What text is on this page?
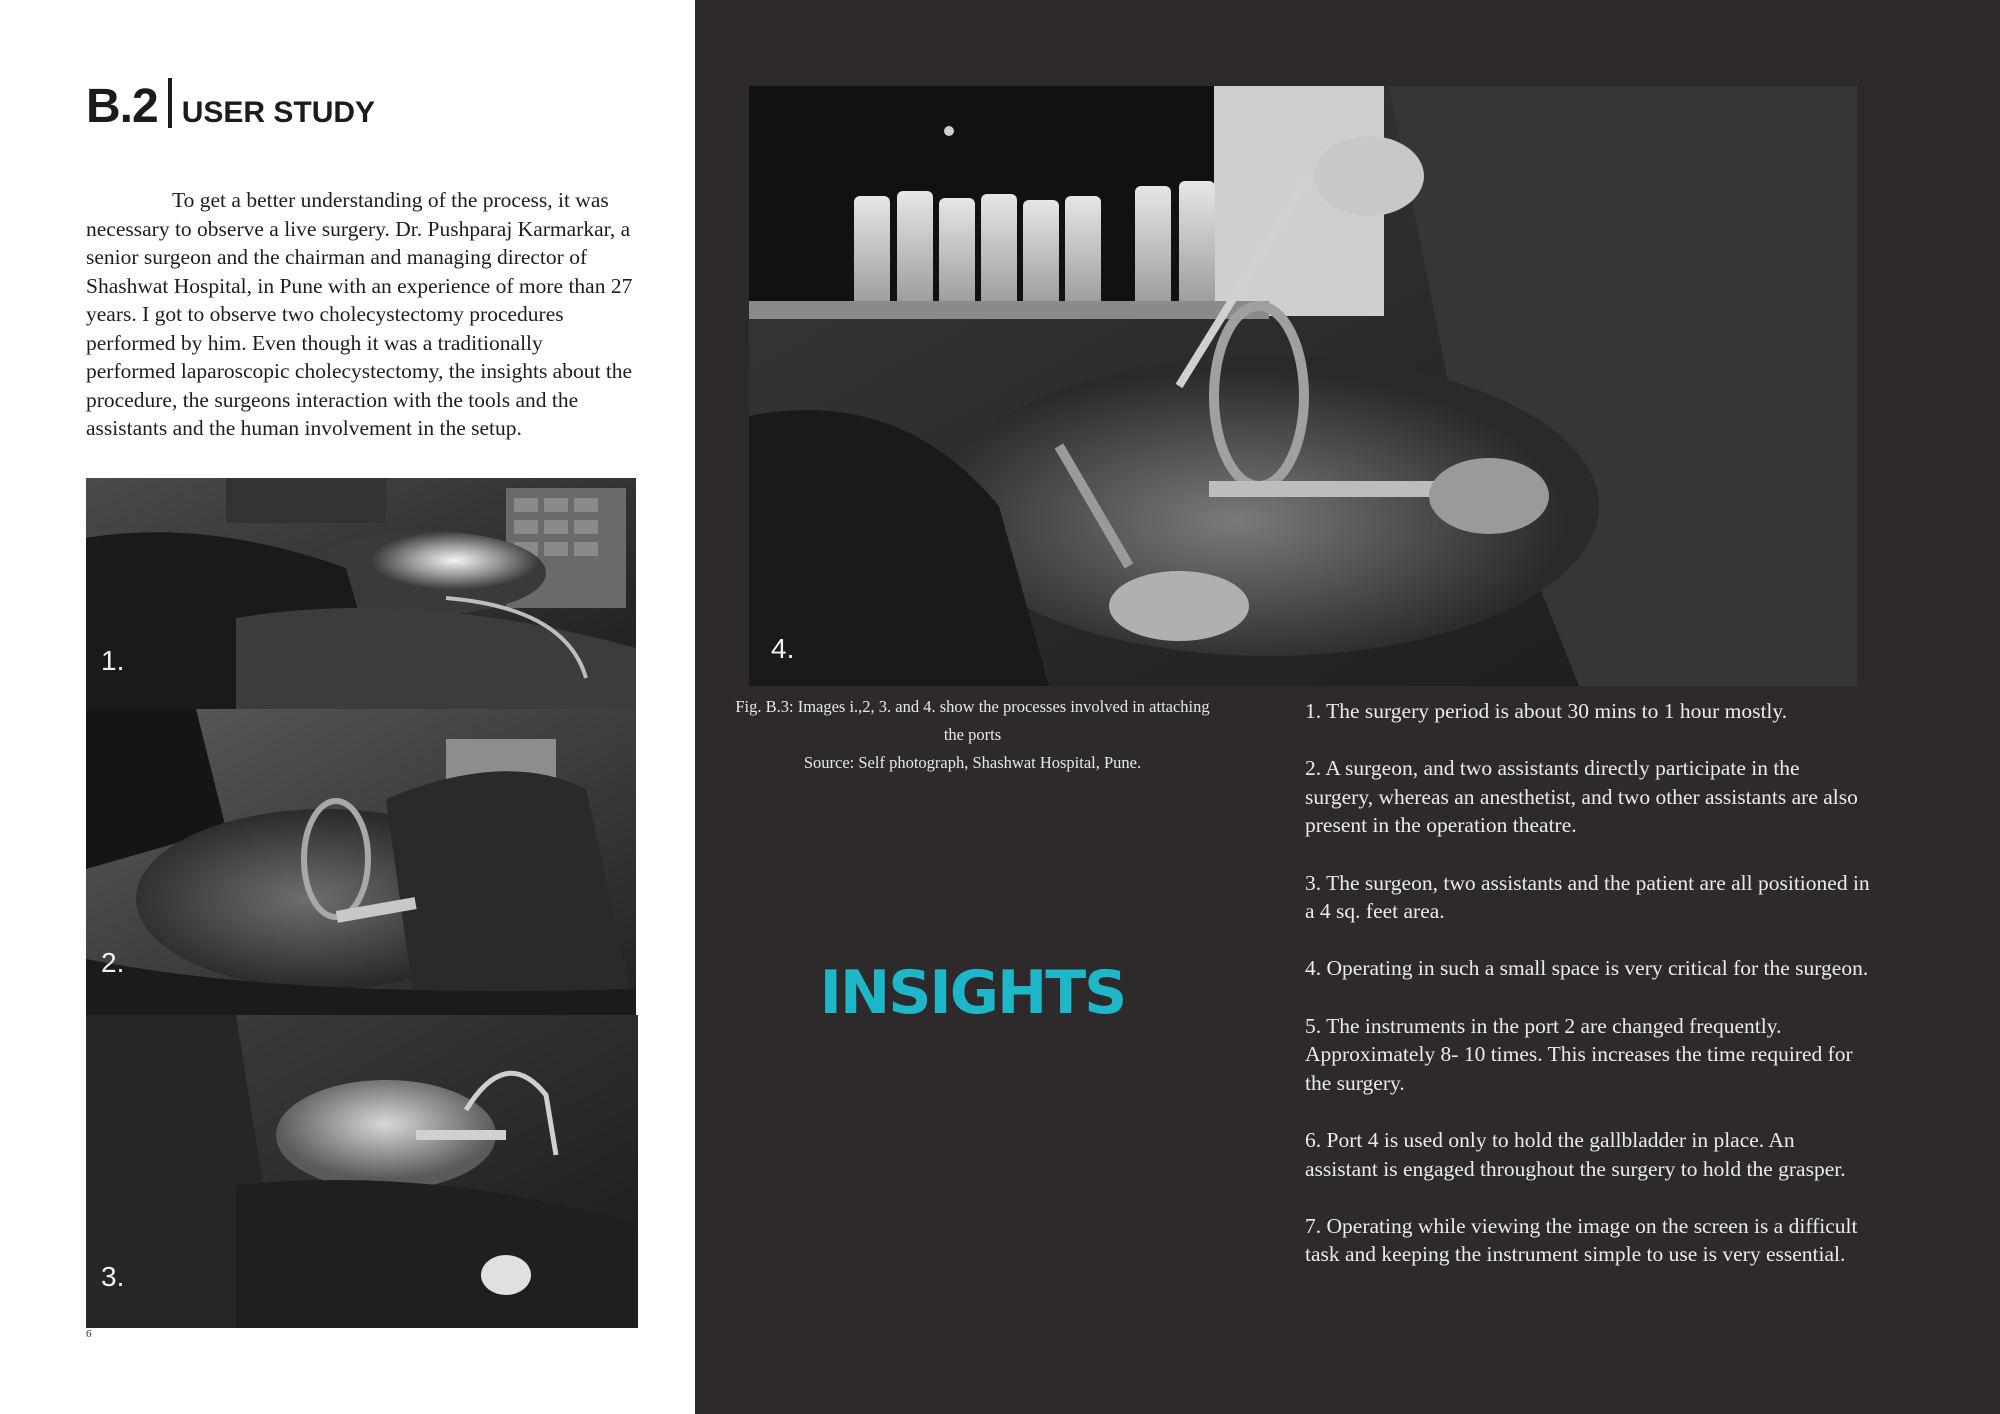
B.2 USER STUDY

To get a better understanding of the process, it was necessary to observe a live surgery. Dr. Pushparaj Karmarkar, a senior surgeon and the chairman and managing director of Shashwat Hospital, in Pune with an experience of more than 27 years. I got to observe two cholecystectomy procedures performed by him. Even though it was a traditionally performed laparoscopic cholecystectomy, the insights about the procedure, the surgeons interaction with the tools and the assistants and the human involvement in the setup.

1.
2.
3.
6
4.
Fig. B.3: Images i.,2, 3. and 4. show the processes involved in attaching
the ports
Source: Self photograph, Shashwat Hospital, Pune.
INSIGHTS
1. The surgery period is about 30 mins to 1 hour mostly.
2. A surgeon, and two assistants directly participate in the surgery, whereas an anesthetist, and two other assistants are also present in the operation theatre.
3. The surgeon, two assistants and the patient are all positioned in a 4 sq. feet area.
4. Operating in such a small space is very critical for the surgeon.
5. The instruments in the port 2 are changed frequently. Approximately 8- 10 times. This increases the time required for the surgery.
6. Port 4 is used only to hold the gallbladder in place. An assistant is engaged throughout the surgery to hold the grasper.
7. Operating while viewing the image on the screen is a difficult task and keeping the instrument simple to use is very essential.
